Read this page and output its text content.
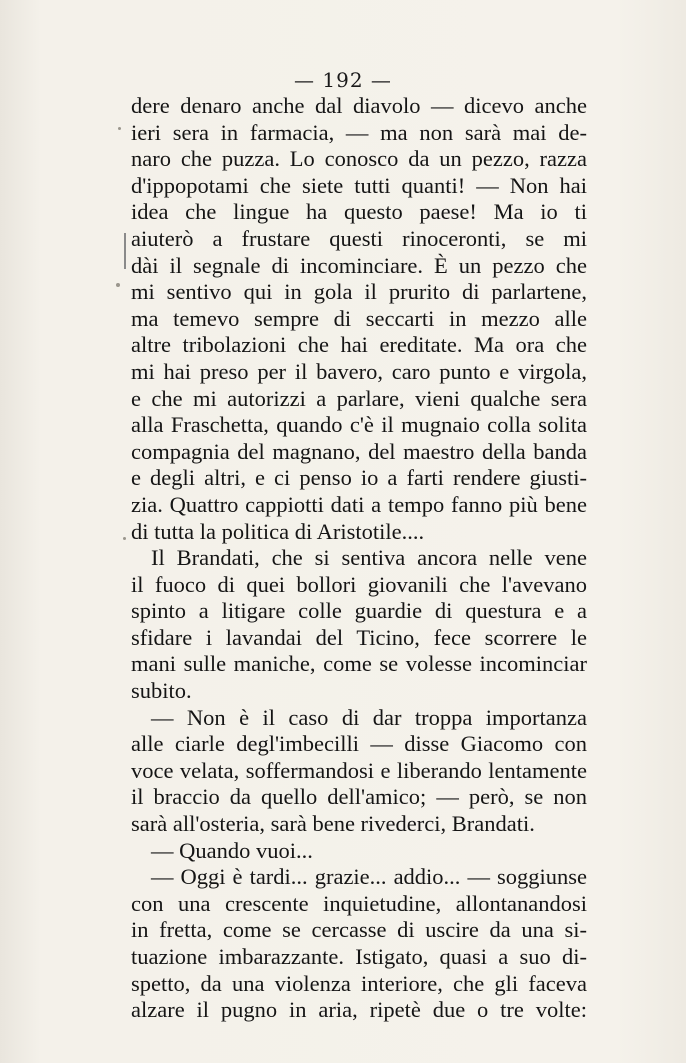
— 192 —
dere denaro anche dal diavolo — dicevo anche
ieri sera in farmacia, — ma non sarà mai de-
naro che puzza. Lo conosco da un pezzo, razza
d'ippopotami che siete tutti quanti! — Non hai
idea che lingue ha questo paese! Ma io ti
aiuterò a frustare questi rinoceronti, se mi
dài il segnale di incominciare. È un pezzo che
mi sentivo qui in gola il prurito di parlartene,
ma temevo sempre di seccarti in mezzo alle
altre tribolazioni che hai ereditate. Ma ora che
mi hai preso per il bavero, caro punto e virgola,
e che mi autorizzi a parlare, vieni qualche sera
alla Fraschetta, quando c'è il mugnaio colla solita
compagnia del magnano, del maestro della banda
e degli altri, e ci penso io a farti rendere giusti-
zia. Quattro cappiotti dati a tempo fanno più bene
di tutta la politica di Aristotile....
Il Brandati, che si sentiva ancora nelle vene
il fuoco di quei bollori giovanili che l'avevano
spinto a litigare colle guardie di questura e a
sfidare i lavandai del Ticino, fece scorrere le
mani sulle maniche, come se volesse incominciar
subito.
— Non è il caso di dar troppa importanza
alle ciarle degl'imbecilli — disse Giacomo con
voce velata, soffermandosi e liberando lentamente
il braccio da quello dell'amico; — però, se non
sarà all'osteria, sarà bene rivederci, Brandati.
— Quando vuoi...
— Oggi è tardi... grazie... addio... — soggiunse
con una crescente inquietudine, allontanandosi
in fretta, come se cercasse di uscire da una si-
tuazione imbarazzante. Istigato, quasi a suo di-
spetto, da una violenza interiore, che gli faceva
alzare il pugno in aria, ripetè due o tre volte:
